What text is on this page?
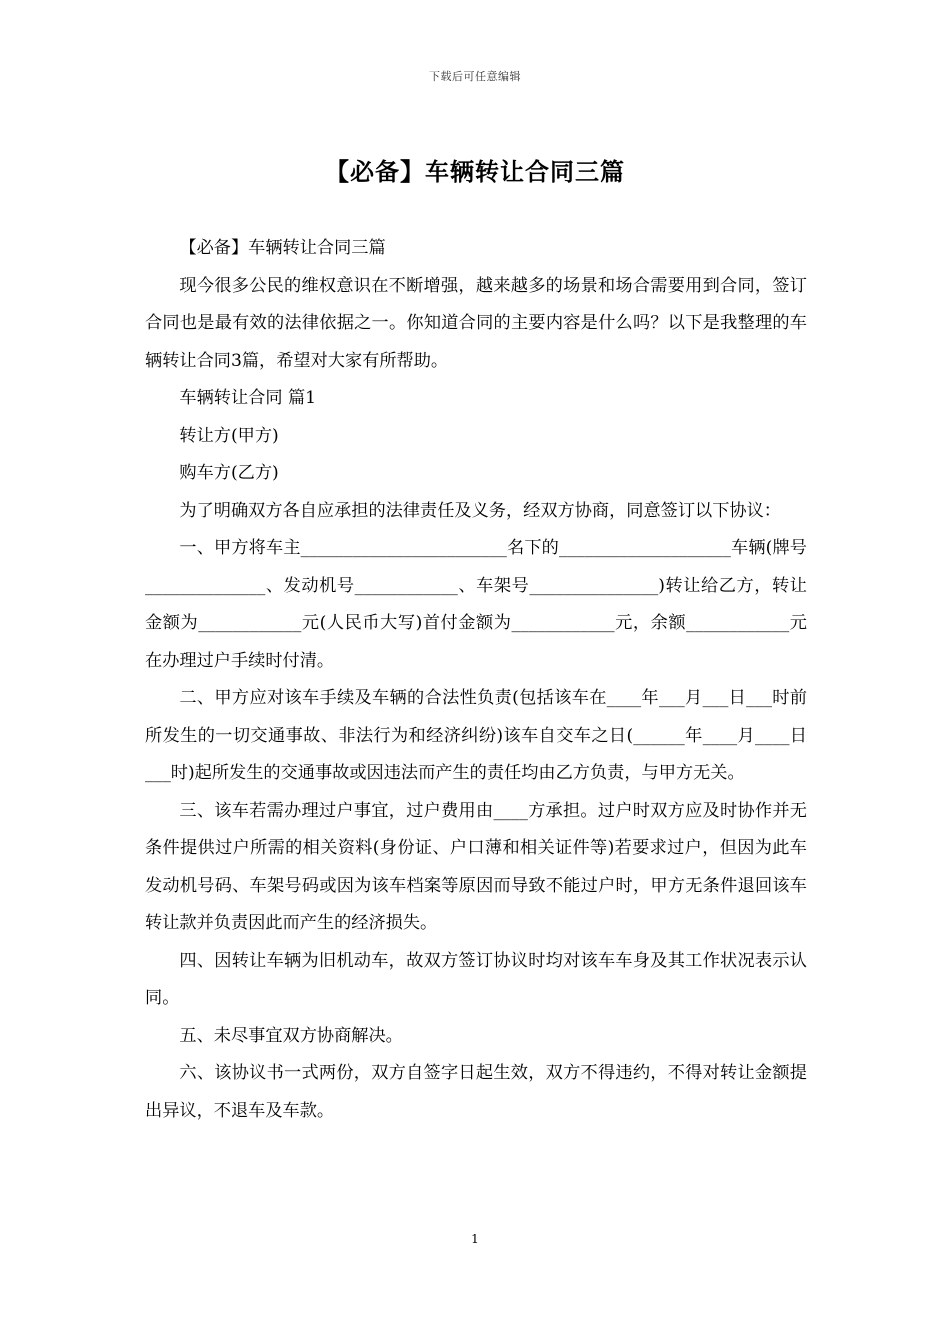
下载后可任意编辑
【必备】车辆转让合同三篇

【必备】车辆转让合同三篇

现今很多公民的维权意识在不断增强，越来越多的场景和场合需要用到合同，签订合同也是最有效的法律依据之一。你知道合同的主要内容是什么吗？以下是我整理的车辆转让合同3篇，希望对大家有所帮助。

车辆转让合同 篇1

转让方(甲方)

购车方(乙方)

为了明确双方各自应承担的法律责任及义务，经双方协商，同意签订以下协议：

一、甲方将车主________________________名下的____________________车辆(牌号______________、发动机号____________、车架号_______________)转让给乙方，转让金额为____________元(人民币大写)首付金额为____________元，余额____________元在办理过户手续时付清。

二、甲方应对该车手续及车辆的合法性负责(包括该车在____年___月___日___时前所发生的一切交通事故、非法行为和经济纠纷)该车自交车之日(______年____月____日___时)起所发生的交通事故或因违法而产生的责任均由乙方负责，与甲方无关。

三、该车若需办理过户事宜，过户费用由____方承担。过户时双方应及时协作并无条件提供过户所需的相关资料(身份证、户口薄和相关证件等)若要求过户，但因为此车发动机号码、车架号码或因为该车档案等原因而导致不能过户时，甲方无条件退回该车转让款并负责因此而产生的经济损失。

四、因转让车辆为旧机动车，故双方签订协议时均对该车车身及其工作状况表示认同。

五、未尽事宜双方协商解决。

六、该协议书一式两份，双方自签字日起生效，双方不得违约，不得对转让金额提出异议，不退车及车款。

1
